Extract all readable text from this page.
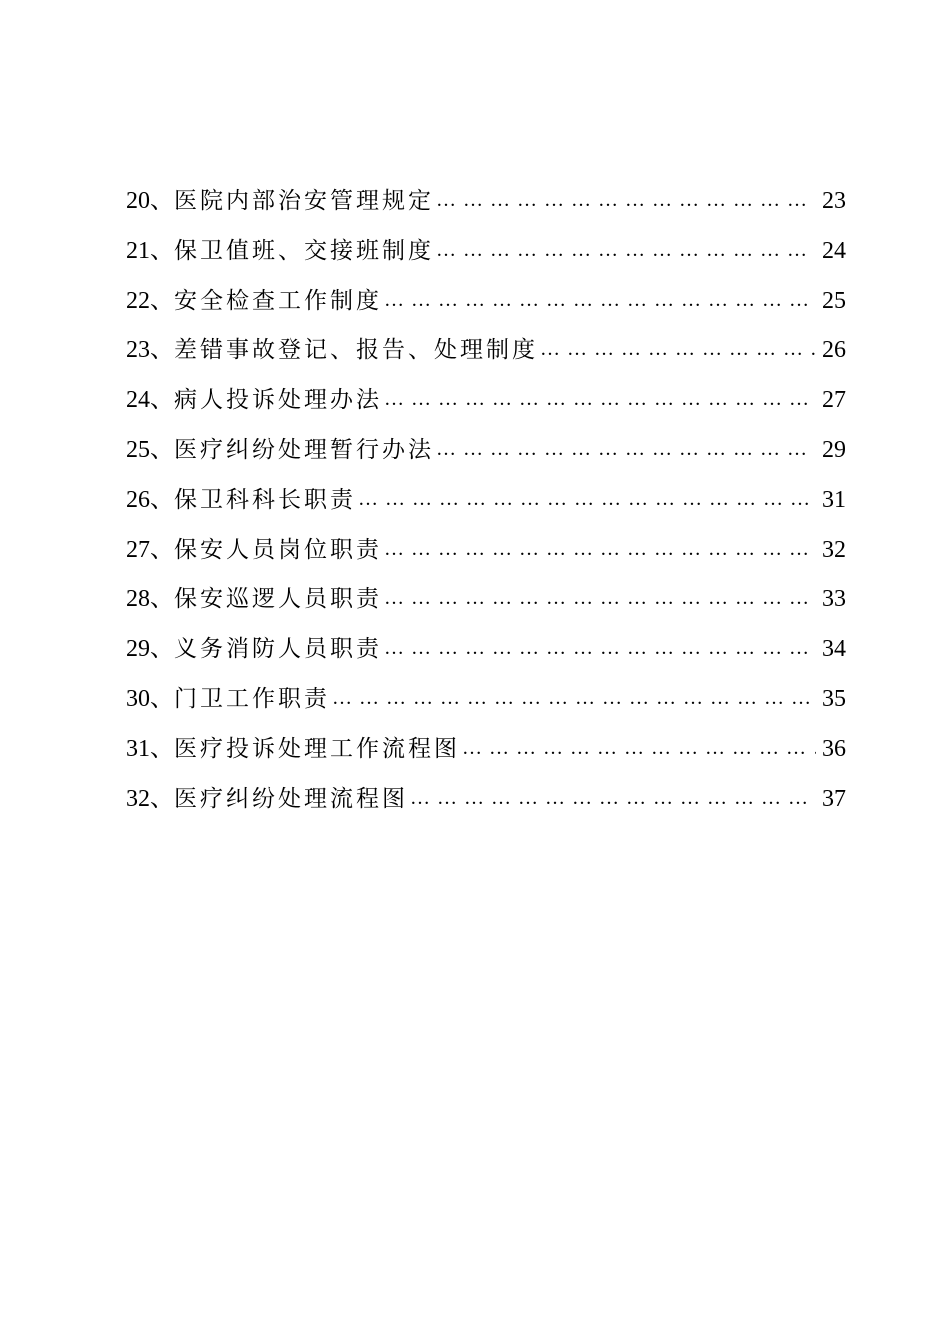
20、 医院内部治安管理规定 … … … … … … … … … … … … … … … … … … … … … … … … … … … … … … … … … … … … … … … … … … … … … …	23
21、 保卫值班、交接班制度 … … … … … … … … … … … … … … … … … … … … … … … … … … … … … … … … … … … … … … … … … … … … … …	24
22、 安全检查工作制度 … … … … … … … … … … … … … … … … … … … … … … … … … … … … … … … … … … … … … … … … … … … … … …	25
23、 差错事故登记、报告、处理制度 … … … … … … … … … … … … … … … … … … … … … … … … … … … … … … … … … … … … … … … … … … … … … …	26
24、 病人投诉处理办法 … … … … … … … … … … … … … … … … … … … … … … … … … … … … … … … … … … … … … … … … … … … … … …	27
25、 医疗纠纷处理暂行办法 … … … … … … … … … … … … … … … … … … … … … … … … … … … … … … … … … … … … … … … … … … … … … …	29
26、 保卫科科长职责 … … … … … … … … … … … … … … … … … … … … … … … … … … … … … … … … … … … … … … … … … … … … … …	31
27、 保安人员岗位职责 … … … … … … … … … … … … … … … … … … … … … … … … … … … … … … … … … … … … … … … … … … … … … …	32
28、 保安巡逻人员职责 … … … … … … … … … … … … … … … … … … … … … … … … … … … … … … … … … … … … … … … … … … … … … …	33
29、 义务消防人员职责 … … … … … … … … … … … … … … … … … … … … … … … … … … … … … … … … … … … … … … … … … … … … … …	34
30、 门卫工作职责 … … … … … … … … … … … … … … … … … … … … … … … … … … … … … … … … … … … … … … … … … … … … … …	35
31、 医疗投诉处理工作流程图 … … … … … … … … … … … … … … … … … … … … … … … … … … … … … … … … … … … … … … … … … … … … … …	36
32、 医疗纠纷处理流程图 … … … … … … … … … … … … … … … … … … … … … … … … … … … … … … … … … … … … … … … … … … … … … …	37
